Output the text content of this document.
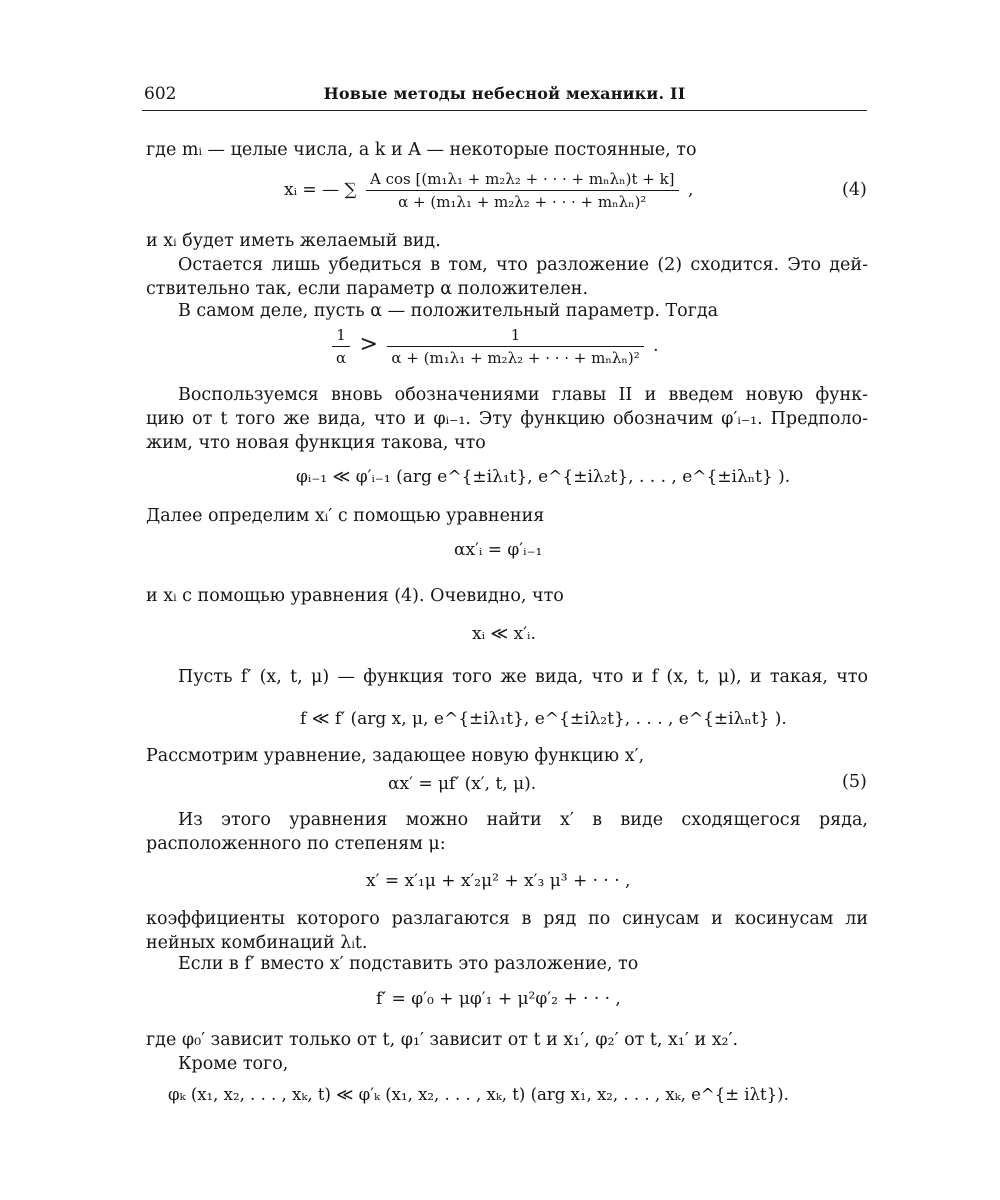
602	Новые методы небесной механики. II
где mᵢ — целые числа, а k и A — некоторые постоянные, то
xᵢ = — ∑ $\frac{\text{A cos [(m₁λ₁ + m₂λ₂ + · · · + mₙλₙ)t + k]}}{\text{α + (m₁λ₁ + m₂λ₂ + · · · + mₙλₙ)²}}$ ,	(4)
и xᵢ будет иметь желаемый вид.
Остается лишь убедиться в том, что разложение (2) сходится. Это дей-
ствительно так, если параметр α положителен.
В самом деле, пусть α — положительный параметр. Тогда
$\frac{1}{\alpha} > \frac{1}{\text{α + (m₁λ₁ + m₂λ₂ + · · · + mₙλₙ)²}}$ .
Воспользуемся вновь обозначениями главы II и введем новую функ-
цию от t того же вида, что и φᵢ₋₁. Эту функцию обозначим φ′ᵢ₋₁. Предполо-
жим, что новая функция такова, что
φᵢ₋₁ ≪ φ′ᵢ₋₁ (arg e^{±iλ₁t}, e^{±iλ₂t}, . . . , e^{±iλₙt} ).
Далее определим xᵢ′ с помощью уравнения
αx′ᵢ = φ′ᵢ₋₁
и xᵢ с помощью уравнения (4). Очевидно, что
xᵢ ≪ x′ᵢ.
Пусть f′ (x, t, μ) — функция того же вида, что и f (x, t, μ), и такая, что
f ≪ f′ (arg x, μ, e^{±iλ₁t}, e^{±iλ₂t}, . . . , e^{±iλₙt} ).
Рассмотрим уравнение, задающее новую функцию x′,
αx′ = μf′ (x′, t, μ).	(5)
Из этого уравнения можно найти x′ в виде сходящегося ряда,
расположенного по степеням μ:
x′ = x′₁μ + x′₂μ² + x′₃ μ³ + · · · ,
коэффициенты которого разлагаются в ряд по синусам и косинусам ли
нейных комбинаций λᵢt.
Если в f′ вместо x′ подставить это разложение, то
f′ = φ′₀ + μφ′₁ + μ²φ′₂ + · · · ,
где φ₀′ зависит только от t, φ₁′ зависит от t и x₁′, φ₂′ от t, x₁′ и x₂′.
Кроме того,
φₖ (x₁, x₂, . . . , xₖ, t) ≪ φ′ₖ (x₁, x₂, . . . , xₖ, t) (arg x₁, x₂, . . . , xₖ, e^{± iλt}).
